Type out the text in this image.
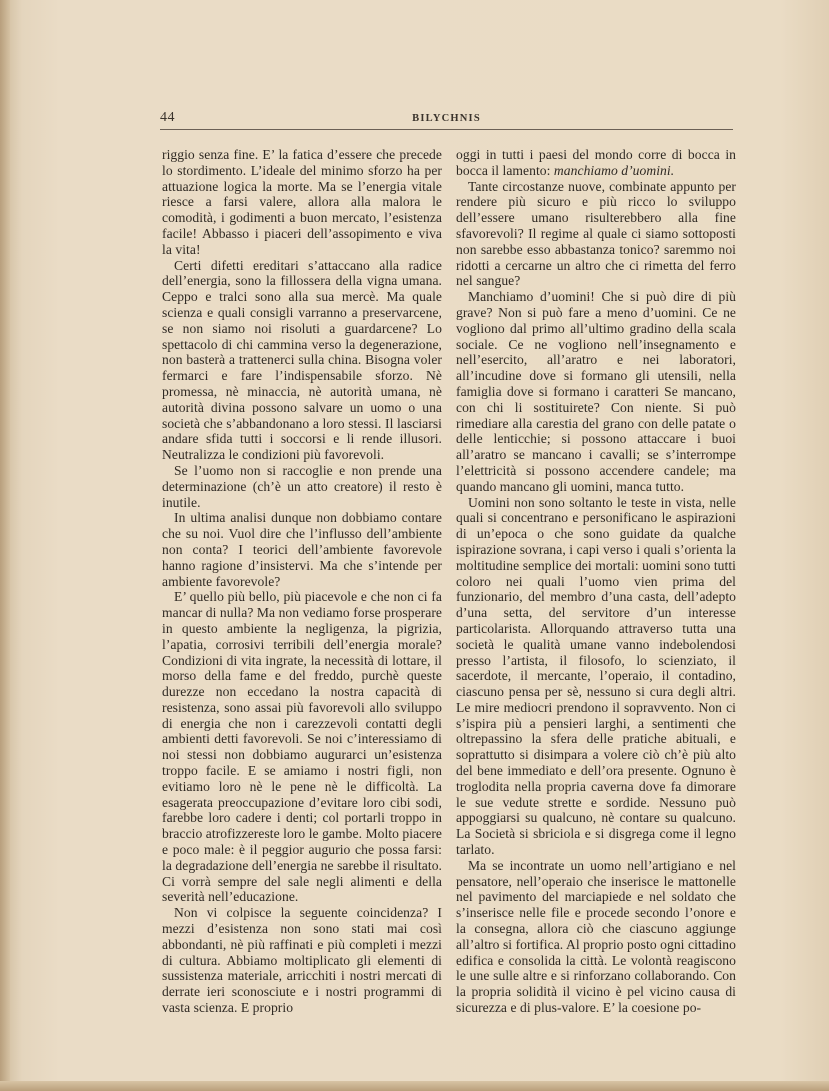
44	BILYCHNIS

riggio senza fine. E’ la fatica d’essere che precede lo stordimento. L’ideale del minimo sforzo ha per attuazione logica la morte. Ma se l’energia vitale riesce a farsi valere, allora alla malora le comodità, i godimenti a buon mercato, l’esistenza facile! Abbasso i piaceri dell’assopimento e viva la vita!

Certi difetti ereditari s’attaccano alla radice dell’energia, sono la fillossera della vigna umana. Ceppo e tralci sono alla sua mercè. Ma quale scienza e quali consigli varranno a preservarcene, se non siamo noi risoluti a guardarcene? Lo spettacolo di chi cammina verso la degenerazione, non basterà a trattenerci sulla china. Bisogna voler fermarci e fare l’indispensabile sforzo. Nè promessa, nè minaccia, nè autorità umana, nè autorità divina possono salvare un uomo o una società che s’abbandonano a loro stessi. Il lasciarsi andare sfida tutti i soccorsi e li rende illusori. Neutralizza le condizioni più favorevoli.

Se l’uomo non si raccoglie e non prende una determinazione (ch’è un atto creatore) il resto è inutile.

In ultima analisi dunque non dobbiamo contare che su noi. Vuol dire che l’influsso dell’ambiente non conta? I teorici dell’ambiente favorevole hanno ragione d’insistervi. Ma che s’intende per ambiente favorevole?

E’ quello più bello, più piacevole e che non ci fa mancar di nulla? Ma non vediamo forse prosperare in questo ambiente la negligenza, la pigrizia, l’apatia, corrosivi terribili dell’energia morale? Condizioni di vita ingrate, la necessità di lottare, il morso della fame e del freddo, purchè queste durezze non eccedano la nostra capacità di resistenza, sono assai più favorevoli allo sviluppo di energia che non i carezzevoli contatti degli ambienti detti favorevoli. Se noi c’interessiamo di noi stessi non dobbiamo augurarci un’esistenza troppo facile. E se amiamo i nostri figli, non evitiamo loro nè le pene nè le difficoltà. La esagerata preoccupazione d’evitare loro cibi sodi, farebbe loro cadere i denti; col portarli troppo in braccio atrofizzereste loro le gambe. Molto piacere e poco male: è il peggior augurio che possa farsi: la degradazione dell’energia ne sarebbe il risultato. Ci vorrà sempre del sale negli alimenti e della severità nell’educazione.

Non vi colpisce la seguente coincidenza? I mezzi d’esistenza non sono stati mai così abbondanti, nè più raffinati e più completi i mezzi di cultura. Abbiamo moltiplicato gli elementi di sussistenza materiale, arricchiti i nostri mercati di derrate ieri sconosciute e i nostri programmi di vasta scienza. E proprio

oggi in tutti i paesi del mondo corre di bocca in bocca il lamento: manchiamo d’uomini.

Tante circostanze nuove, combinate appunto per rendere più sicuro e più ricco lo sviluppo dell’essere umano risulterebbero alla fine sfavorevoli? Il regime al quale ci siamo sottoposti non sarebbe esso abbastanza tonico? saremmo noi ridotti a cercarne un altro che ci rimetta del ferro nel sangue?

Manchiamo d’uomini! Che si può dire di più grave? Non si può fare a meno d’uomini. Ce ne vogliono dal primo all’ultimo gradino della scala sociale. Ce ne vogliono nell’insegnamento e nell’esercito, all’aratro e nei laboratori, all’incudine dove si formano gli utensili, nella famiglia dove si formano i caratteri Se mancano, con chi li sostituirete? Con niente. Si può rimediare alla carestia del grano con delle patate o delle lenticchie; si possono attaccare i buoi all’aratro se mancano i cavalli; se s’interrompe l’elettricità si possono accendere candele; ma quando mancano gli uomini, manca tutto.

Uomini non sono soltanto le teste in vista, nelle quali si concentrano e personificano le aspirazioni di un’epoca o che sono guidate da qualche ispirazione sovrana, i capi verso i quali s’orienta la moltitudine semplice dei mortali: uomini sono tutti coloro nei quali l’uomo vien prima del funzionario, del membro d’una casta, dell’adepto d’una setta, del servitore d’un interesse particolarista. Allorquando attraverso tutta una società le qualità umane vanno indebolendosi presso l’artista, il filosofo, lo scienziato, il sacerdote, il mercante, l’operaio, il contadino, ciascuno pensa per sè, nessuno si cura degli altri. Le mire mediocri prendono il sopravvento. Non ci s’ispira più a pensieri larghi, a sentimenti che oltrepassino la sfera delle pratiche abituali, e soprattutto si disimpara a volere ciò ch’è più alto del bene immediato e dell’ora presente. Ognuno è troglodita nella propria caverna dove fa dimorare le sue vedute strette e sordide. Nessuno può appoggiarsi su qualcuno, nè contare su qualcuno. La Società si sbriciola e si disgrega come il legno tarlato.

Ma se incontrate un uomo nell’artigiano e nel pensatore, nell’operaio che inserisce le mattonelle nel pavimento del marciapiede e nel soldato che s’inserisce nelle file e procede secondo l’onore e la consegna, allora ciò che ciascuno aggiunge all’altro si fortifica. Al proprio posto ogni cittadino edifica e consolida la città. Le volontà reagiscono le une sulle altre e si rinforzano collaborando. Con la propria solidità il vicino è pel vicino causa di sicurezza e di plus-valore. E’ la coesione po-
